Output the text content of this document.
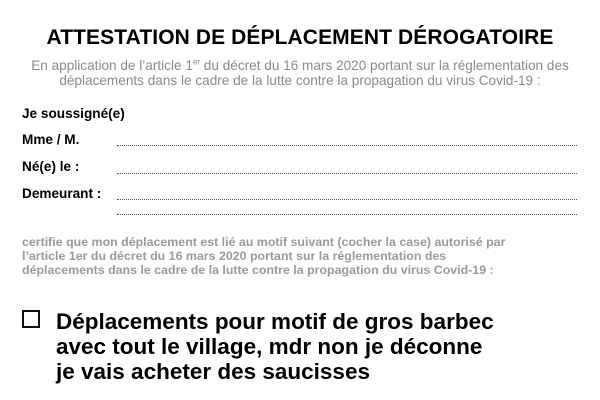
ATTESTATION DE DÉPLACEMENT DÉROGATOIRE
En application de l’article 1er du décret du 16 mars 2020 portant sur la réglementation des
déplacements dans le cadre de la lutte contre la propagation du virus Covid-19 :
Je soussigné(e)
Mme / M.
Né(e) le :
Demeurant :
certifie que mon déplacement est lié au motif suivant (cocher la case) autorisé par
l’article 1er du décret du 16 mars 2020 portant sur la réglementation des
déplacements dans le cadre de la lutte contre la propagation du virus Covid-19 :
Déplacements pour motif de gros barbec
avec tout le village, mdr non je déconne
je vais acheter des saucisses
